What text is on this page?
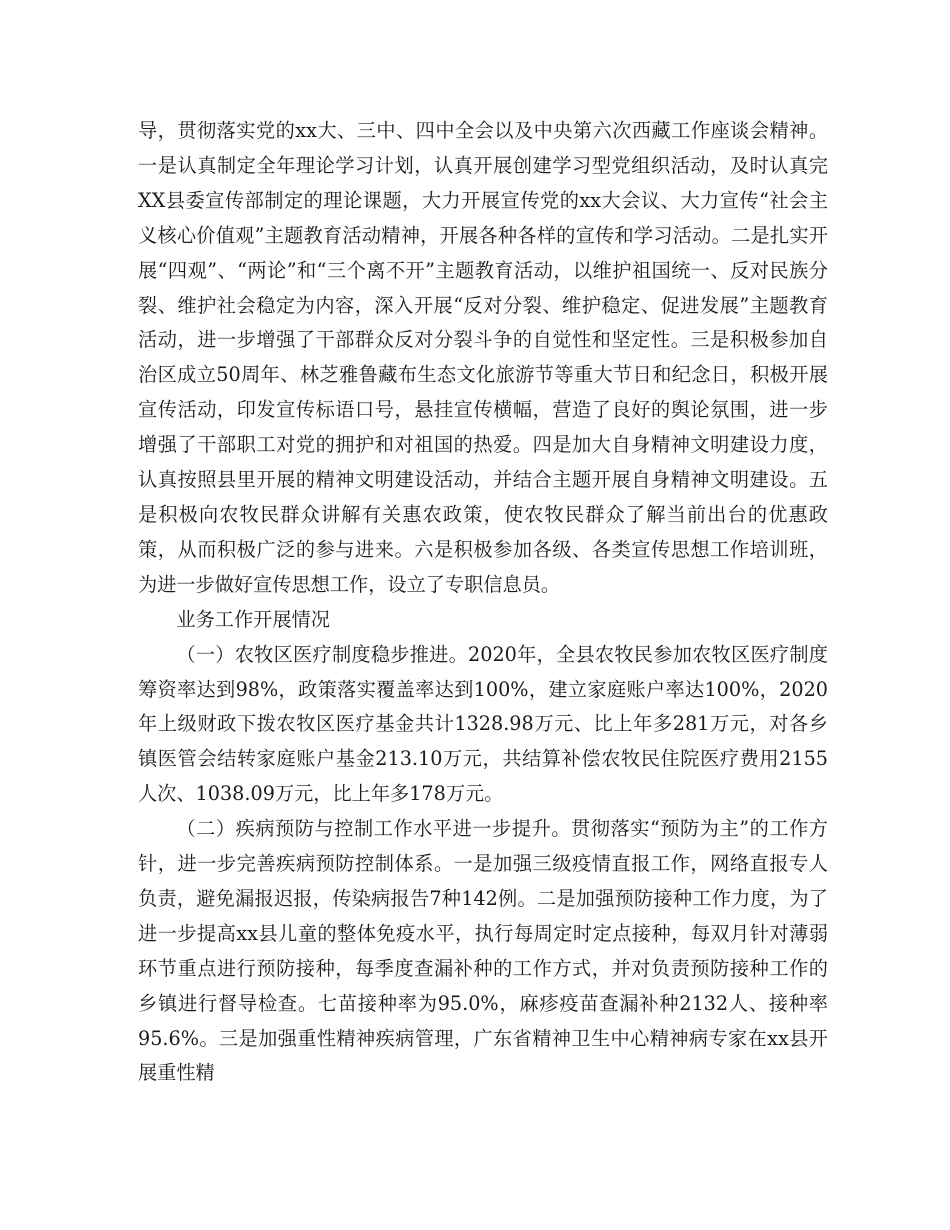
导，贯彻落实党的xx大、三中、四中全会以及中央第六次西藏工作座谈会精神。一是认真制定全年理论学习计划，认真开展创建学习型党组织活动，及时认真完XX县委宣传部制定的理论课题，大力开展宣传党的xx大会议、大力宣传“社会主义核心价值观”主题教育活动精神，开展各种各样的宣传和学习活动。二是扎实开展“四观”、“两论”和“三个离不开”主题教育活动，以维护祖国统一、反对民族分裂、维护社会稳定为内容，深入开展“反对分裂、维护稳定、促进发展”主题教育活动，进一步增强了干部群众反对分裂斗争的自觉性和坚定性。三是积极参加自治区成立50周年、林芝雅鲁藏布生态文化旅游节等重大节日和纪念日，积极开展宣传活动，印发宣传标语口号，悬挂宣传横幅，营造了良好的舆论氛围，进一步增强了干部职工对党的拥护和对祖国的热爱。四是加大自身精神文明建设力度，认真按照县里开展的精神文明建设活动，并结合主题开展自身精神文明建设。五是积极向农牧民群众讲解有关惠农政策，使农牧民群众了解当前出台的优惠政策，从而积极广泛的参与进来。六是积极参加各级、各类宣传思想工作培训班，为进一步做好宣传思想工作，设立了专职信息员。

业务工作开展情况

（一）农牧区医疗制度稳步推进。2020年，全县农牧民参加农牧区医疗制度筹资率达到98%，政策落实覆盖率达到100%，建立家庭账户率达100%，2020年上级财政下拨农牧区医疗基金共计1328.98万元、比上年多281万元，对各乡镇医管会结转家庭账户基金213.10万元，共结算补偿农牧民住院医疗费用2155人次、1038.09万元，比上年多178万元。

（二）疾病预防与控制工作水平进一步提升。贯彻落实“预防为主”的工作方针，进一步完善疾病预防控制体系。一是加强三级疫情直报工作，网络直报专人负责，避免漏报迟报，传染病报告7种142例。二是加强预防接种工作力度，为了进一步提高xx县儿童的整体免疫水平，执行每周定时定点接种，每双月针对薄弱环节重点进行预防接种，每季度查漏补种的工作方式，并对负责预防接种工作的乡镇进行督导检查。七苗接种率为95.0%，麻疹疫苗查漏补种2132人、接种率95.6%。三是加强重性精神疾病管理，广东省精神卫生中心精神病专家在xx县开展重性精
